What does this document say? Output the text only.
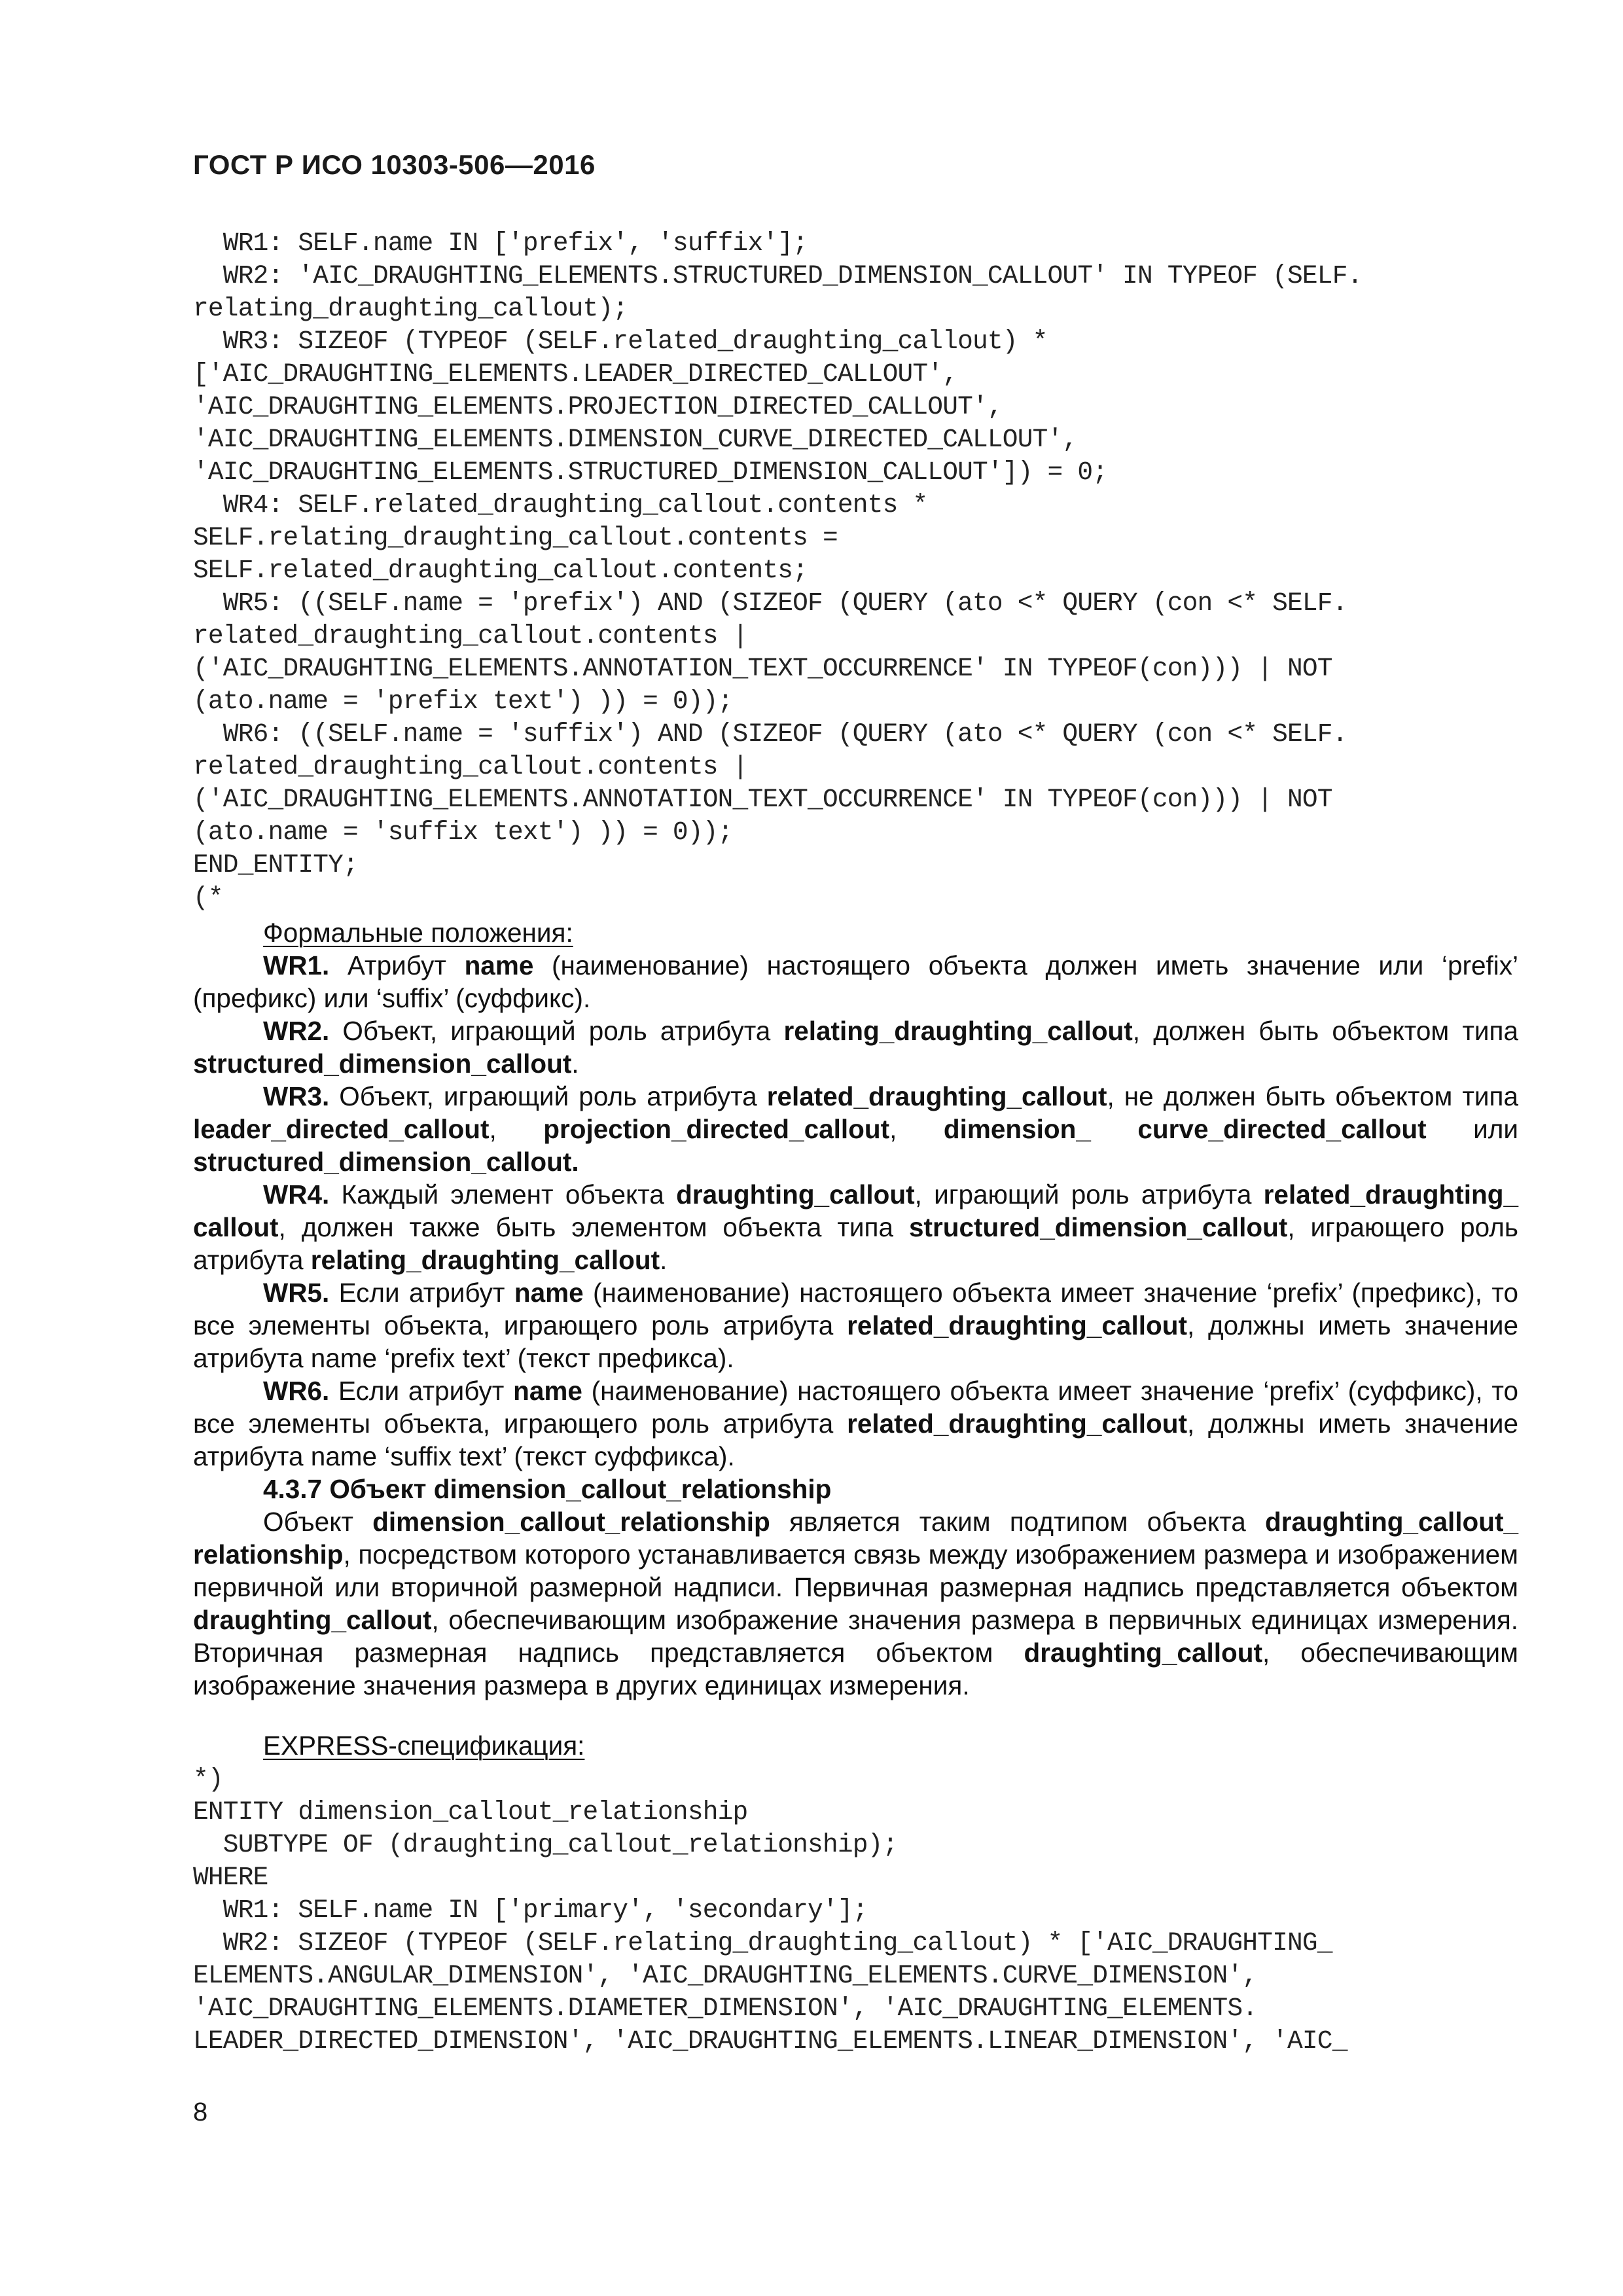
ГОСТ Р ИСО 10303-506—2016
WR1: SELF.name IN ['prefix', 'suffix'];
WR2: 'AIC_DRAUGHTING_ELEMENTS.STRUCTURED_DIMENSION_CALLOUT' IN TYPEOF (SELF.
relating_draughting_callout);
WR3: SIZEOF (TYPEOF (SELF.related_draughting_callout) *
['AIC_DRAUGHTING_ELEMENTS.LEADER_DIRECTED_CALLOUT',
'AIC_DRAUGHTING_ELEMENTS.PROJECTION_DIRECTED_CALLOUT',
'AIC_DRAUGHTING_ELEMENTS.DIMENSION_CURVE_DIRECTED_CALLOUT',
'AIC_DRAUGHTING_ELEMENTS.STRUCTURED_DIMENSION_CALLOUT']) = 0;
WR4: SELF.related_draughting_callout.contents *
SELF.relating_draughting_callout.contents =
SELF.related_draughting_callout.contents;
WR5: ((SELF.name = 'prefix') AND (SIZEOF (QUERY (ato <* QUERY (con <* SELF.
related_draughting_callout.contents |
('AIC_DRAUGHTING_ELEMENTS.ANNOTATION_TEXT_OCCURRENCE' IN TYPEOF(con))) | NOT
(ato.name = 'prefix text') )) = 0));
WR6: ((SELF.name = 'suffix') AND (SIZEOF (QUERY (ato <* QUERY (con <* SELF.
related_draughting_callout.contents |
('AIC_DRAUGHTING_ELEMENTS.ANNOTATION_TEXT_OCCURRENCE' IN TYPEOF(con))) | NOT
(ato.name = 'suffix text') )) = 0));
END_ENTITY;
(*

Формальные положения:

WR1. Атрибут name (наименование) настоящего объекта должен иметь значение или ‘prefix’ (префикс) или ‘suffix’ (суффикс).

WR2. Объект, играющий роль атрибута relating_draughting_callout, должен быть объектом типа structured_dimension_callout.

WR3. Объект, играющий роль атрибута related_draughting_callout, не должен быть объектом типа leader_directed_callout, projection_directed_callout, dimension_ curve_directed_callout или structured_dimension_callout.

WR4. Каждый элемент объекта draughting_callout, играющий роль атрибута related_draughting_ callout, должен также быть элементом объекта типа structured_dimension_callout, играющего роль атрибута relating_draughting_callout.

WR5. Если атрибут name (наименование) настоящего объекта имеет значение ‘prefix’ (префикс), то все элементы объекта, играющего роль атрибута related_draughting_callout, должны иметь значение атрибута name ‘prefix text’ (текст префикса).

WR6. Если атрибут name (наименование) настоящего объекта имеет значение ‘prefix’ (суффикс), то все элементы объекта, играющего роль атрибута related_draughting_callout, должны иметь значение атрибута name ‘suffix text’ (текст суффикса).

4.3.7 Объект dimension_callout_relationship

Объект dimension_callout_relationship является таким подтипом объекта draughting_callout_ relationship, посредством которого устанавливается связь между изображением размера и изображением первичной или вторичной размерной надписи. Первичная размерная надпись представляется объектом draughting_callout, обеспечивающим изображение значения размера в первичных единицах измерения. Вторичная размерная надпись представляется объектом draughting_callout, обеспечивающим изображение значения размера в других единицах измерения.

EXPRESS-спецификация:

*)
ENTITY dimension_callout_relationship
SUBTYPE OF (draughting_callout_relationship);
WHERE
WR1: SELF.name IN ['primary', 'secondary'];
WR2: SIZEOF (TYPEOF (SELF.relating_draughting_callout) * ['AIC_DRAUGHTING_
ELEMENTS.ANGULAR_DIMENSION', 'AIC_DRAUGHTING_ELEMENTS.CURVE_DIMENSION',
'AIC_DRAUGHTING_ELEMENTS.DIAMETER_DIMENSION', 'AIC_DRAUGHTING_ELEMENTS.
LEADER_DIRECTED_DIMENSION', 'AIC_DRAUGHTING_ELEMENTS.LINEAR_DIMENSION', 'AIC_
8
